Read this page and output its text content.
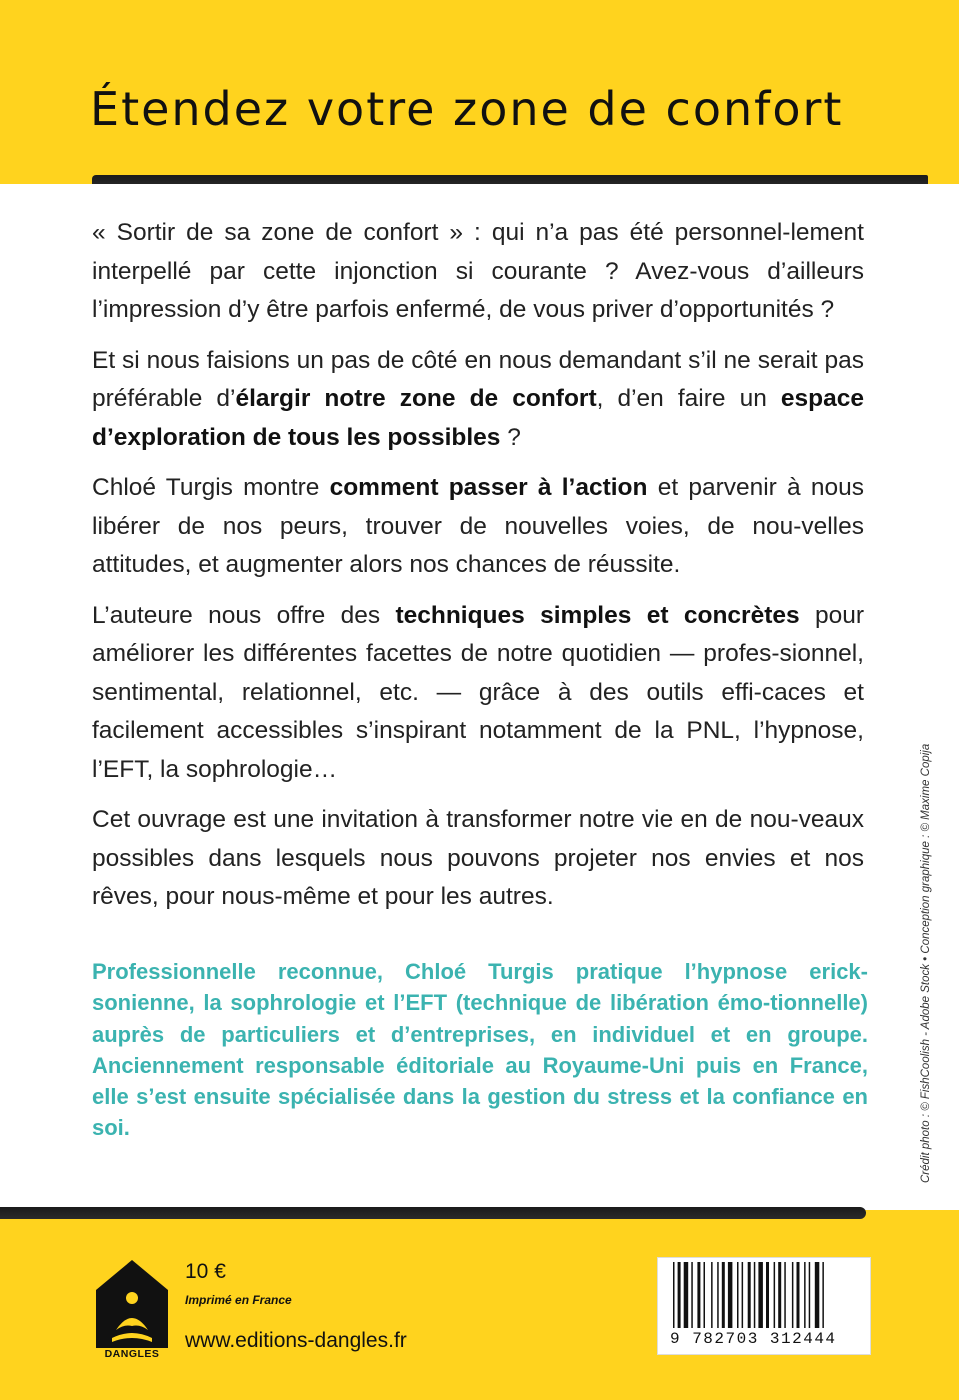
Étendez votre zone de confort

« Sortir de sa zone de confort » : qui n’a pas été personnel-lement interpellé par cette injonction si courante ? Avez-vous d’ailleurs l’impression d’y être parfois enfermé, de vous priver d’opportunités ?

Et si nous faisions un pas de côté en nous demandant s’il ne serait pas préférable d’élargir notre zone de confort, d’en faire un espace d’exploration de tous les possibles ?

Chloé Turgis montre comment passer à l’action et parvenir à nous libérer de nos peurs, trouver de nouvelles voies, de nou-velles attitudes, et augmenter alors nos chances de réussite.

L’auteure nous offre des techniques simples et concrètes pour améliorer les différentes facettes de notre quotidien — profes-sionnel, sentimental, relationnel, etc. — grâce à des outils effi-caces et facilement accessibles s’inspirant notamment de la PNL, l’hypnose, l’EFT, la sophrologie…

Cet ouvrage est une invitation à transformer notre vie en de nou-veaux possibles dans lesquels nous pouvons projeter nos envies et nos rêves, pour nous-même et pour les autres.

Professionnelle reconnue, Chloé Turgis pratique l’hypnose erick-sonienne, la sophrologie et l’EFT (technique de libération émo-tionnelle) auprès de particuliers et d’entreprises, en individuel et en groupe. Anciennement responsable éditoriale au Royaume-Uni puis en France, elle s’est ensuite spécialisée dans la gestion du stress et la confiance en soi.	Crédit photo : © FishCoolish - Adobe Stock • Conception graphique : © Maxime Copija
DANGLES
10 €
Imprimé en France
www.editions-dangles.fr	9 782703 312444
